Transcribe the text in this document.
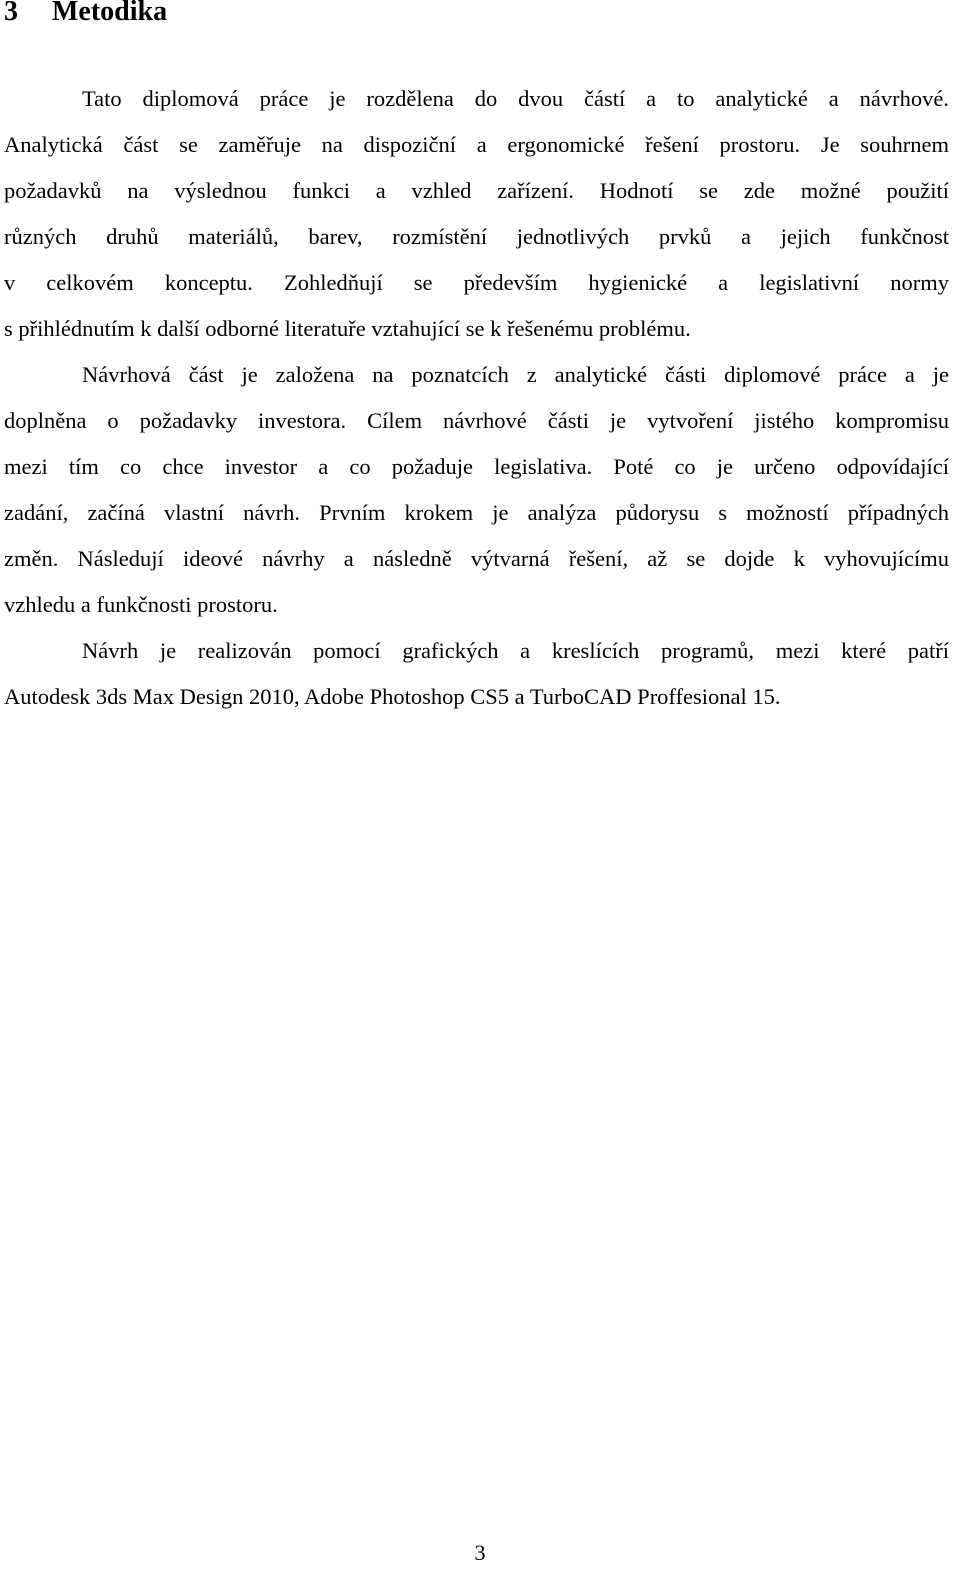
3 Metodika

Tato diplomová práce je rozdělena do dvou částí a to analytické a návrhové.
Analytická část se zaměřuje na dispoziční a ergonomické řešení prostoru. Je souhrnem
požadavků na výslednou funkci a vzhled zařízení. Hodnotí se zde možné použití
různých druhů materiálů, barev, rozmístění jednotlivých prvků a jejich funkčnost
v celkovém konceptu. Zohledňují se především hygienické a legislativní normy
s přihlédnutím k další odborné literatuře vztahující se k řešenému problému.

Návrhová část je založena na poznatcích z analytické části diplomové práce a je
doplněna o požadavky investora. Cílem návrhové části je vytvoření jistého kompromisu
mezi tím co chce investor a co požaduje legislativa. Poté co je určeno odpovídající
zadání, začíná vlastní návrh. Prvním krokem je analýza půdorysu s možností případných
změn. Následují ideové návrhy a následně výtvarná řešení, až se dojde k vyhovujícímu
vzhledu a funkčnosti prostoru.

Návrh je realizován pomocí grafických a kreslících programů, mezi které patří
Autodesk 3ds Max Design 2010, Adobe Photoshop CS5 a TurboCAD Proffesional 15.

3
